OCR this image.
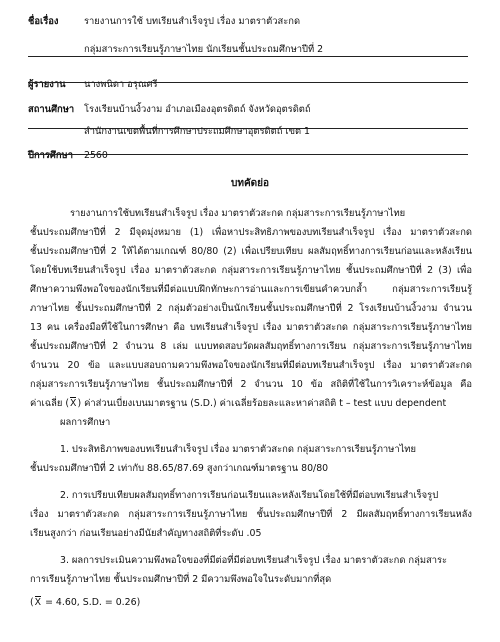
ชื่อเรื่อง	รายงานการใช้ บทเรียนสำเร็จรูป เรื่อง มาตราตัวสะกด
กลุ่มสาระการเรียนรู้ภาษาไทย นักเรียนชั้นประถมศึกษาปีที่ 2
ผู้รายงาน นางพนิดา อรุณศรี
สถานศึกษา โรงเรียนบ้านงิ้วงาม อำเภอเมืองอุตรดิตถ์ จังหวัดอุตรดิตถ์
สำนักงานเขตพื้นที่การศึกษาประถมศึกษาอุตรดิตถ์ เขต 1
ปีการศึกษา 2560
บทคัดย่อ
รายงานการใช้บทเรียนสำเร็จรูป เรื่อง มาตราตัวสะกด กลุ่มสาระการเรียนรู้ภาษาไทย
ชั้นประถมศึกษาปีที่ 2 มีจุดมุ่งหมาย (1) เพื่อหาประสิทธิภาพของบทเรียนสำเร็จรูป เรื่อง มาตราตัวสะกด
ชั้นประถมศึกษาปีที่ 2 ให้ได้ตามเกณฑ์ 80/80 (2) เพื่อเปรียบเทียบ ผลสัมฤทธิ์ทางการเรียนก่อนและหลังเรียน
โดยใช้บทเรียนสำเร็จรูป เรื่อง มาตราตัวสะกด กลุ่มสาระการเรียนรู้ภาษาไทย ชั้นประถมศึกษาปีที่ 2 (3) เพื่อ
ศึกษาความพึงพอใจของนักเรียนที่มีต่อแบบฝึกทักษะการอ่านและการเขียนคำควบกล้ำ กลุ่มสาระการเรียนรู้
ภาษาไทย ชั้นประถมศึกษาปีที่ 2 กลุ่มตัวอย่างเป็นนักเรียนชั้นประถมศึกษาปีที่ 2 โรงเรียนบ้านงิ้วงาม จำนวน
13 คน เครื่องมือที่ใช้ในการศึกษา คือ บทเรียนสำเร็จรูป เรื่อง มาตราตัวสะกด กลุ่มสาระการเรียนรู้ภาษาไทย
ชั้นประถมศึกษาปีที่ 2 จำนวน 8 เล่ม แบบทดสอบวัดผลสัมฤทธิ์ทางการเรียน กลุ่มสาระการเรียนรู้ภาษาไทย
จำนวน 20 ข้อ และแบบสอบถามความพึงพอใจของนักเรียนที่มีต่อบทเรียนสำเร็จรูป เรื่อง มาตราตัวสะกด
กลุ่มสาระการเรียนรู้ภาษาไทย ชั้นประถมศึกษาปีที่ 2 จำนวน 10 ข้อ สถิติที่ใช้ในการวิเคราะห์ข้อมูล คือ
ค่าเฉลี่ย (X) ค่าส่วนเบี่ยงเบนมาตรฐาน (S.D.) ค่าเฉลี่ยร้อยละและหาค่าสถิติ t – test แบบ dependent
ผลการศึกษา
1. ประสิทธิภาพของบทเรียนสำเร็จรูป เรื่อง มาตราตัวสะกด กลุ่มสาระการเรียนรู้ภาษาไทย
ชั้นประถมศึกษาปีที่ 2 เท่ากับ 88.65/87.69 สูงกว่าเกณฑ์มาตรฐาน 80/80
2. การเปรียบเทียบผลสัมฤทธิ์ทางการเรียนก่อนเรียนและหลังเรียนโดยใช้ที่มีต่อบทเรียนสำเร็จรูป
เรื่อง มาตราตัวสะกด กลุ่มสาระการเรียนรู้ภาษาไทย ชั้นประถมศึกษาปีที่ 2 มีผลสัมฤทธิ์ทางการเรียนหลัง
เรียนสูงกว่า ก่อนเรียนอย่างมีนัยสำคัญทางสถิติที่ระดับ .05
3. ผลการประเมินความพึงพอใจของที่มีต่อที่มีต่อบทเรียนสำเร็จรูป เรื่อง มาตราตัวสะกด กลุ่มสาระ
การเรียนรู้ภาษาไทย ชั้นประถมศึกษาปีที่ 2 มีความพึงพอใจในระดับมากที่สุด
(X = 4.60, S.D. = 0.26)
